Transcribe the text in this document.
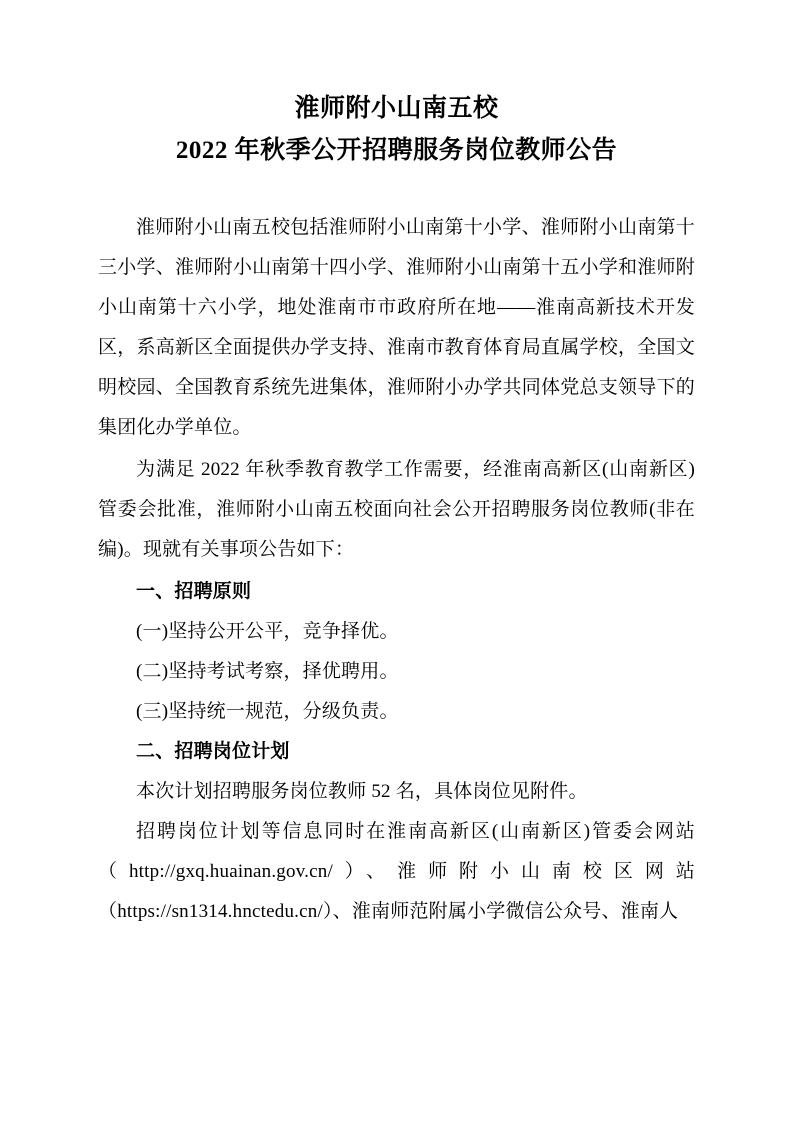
淮师附小山南五校
2022 年秋季公开招聘服务岗位教师公告

淮师附小山南五校包括淮师附小山南第十小学、淮师附小山南第十三小学、淮师附小山南第十四小学、淮师附小山南第十五小学和淮师附小山南第十六小学，地处淮南市市政府所在地——淮南高新技术开发区，系高新区全面提供办学支持、淮南市教育体育局直属学校，全国文明校园、全国教育系统先进集体，淮师附小办学共同体党总支领导下的集团化办学单位。

为满足 2022 年秋季教育教学工作需要，经淮南高新区(山南新区)管委会批准，淮师附小山南五校面向社会公开招聘服务岗位教师(非在编)。现就有关事项公告如下：

一、招聘原则

(一)坚持公开公平，竞争择优。

(二)坚持考试考察，择优聘用。

(三)坚持统一规范，分级负责。

二、招聘岗位计划

本次计划招聘服务岗位教师 52 名，具体岗位见附件。

招聘岗位计划等信息同时在淮南高新区(山南新区)管委会网站（http://gxq.huainan.gov.cn/）、淮师附小山南校区网站（https://sn1314.hnctedu.cn/）、淮南师范附属小学微信公众号、淮南人
